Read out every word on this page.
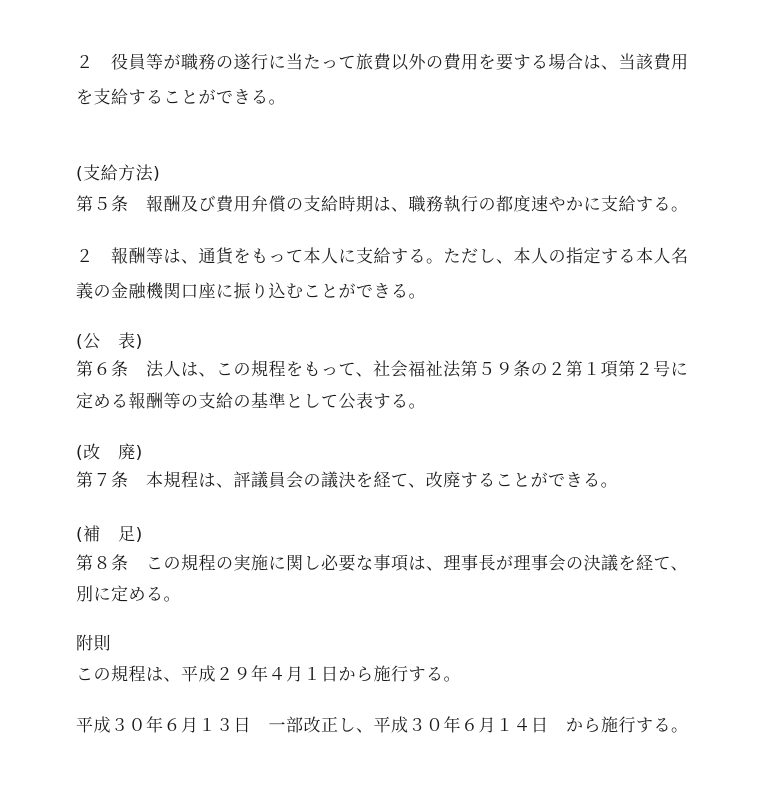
２　役員等が職務の遂行に当たって旅費以外の費用を要する場合は、当該費用
を支給することができる。
(支給方法)
第５条　報酬及び費用弁償の支給時期は、職務執行の都度速やかに支給する。
２　報酬等は、通貨をもって本人に支給する。ただし、本人の指定する本人名
義の金融機関口座に振り込むことができる。
(公　表)
第６条　法人は、この規程をもって、社会福祉法第５９条の２第１項第２号に
定める報酬等の支給の基準として公表する。
(改　廃)
第７条　本規程は、評議員会の議決を経て、改廃することができる。
(補　足)
第８条　この規程の実施に関し必要な事項は、理事長が理事会の決議を経て、
別に定める。
附則
この規程は、平成２９年４月１日から施行する。
平成３０年６月１３日　一部改正し、平成３０年６月１４日　から施行する。
